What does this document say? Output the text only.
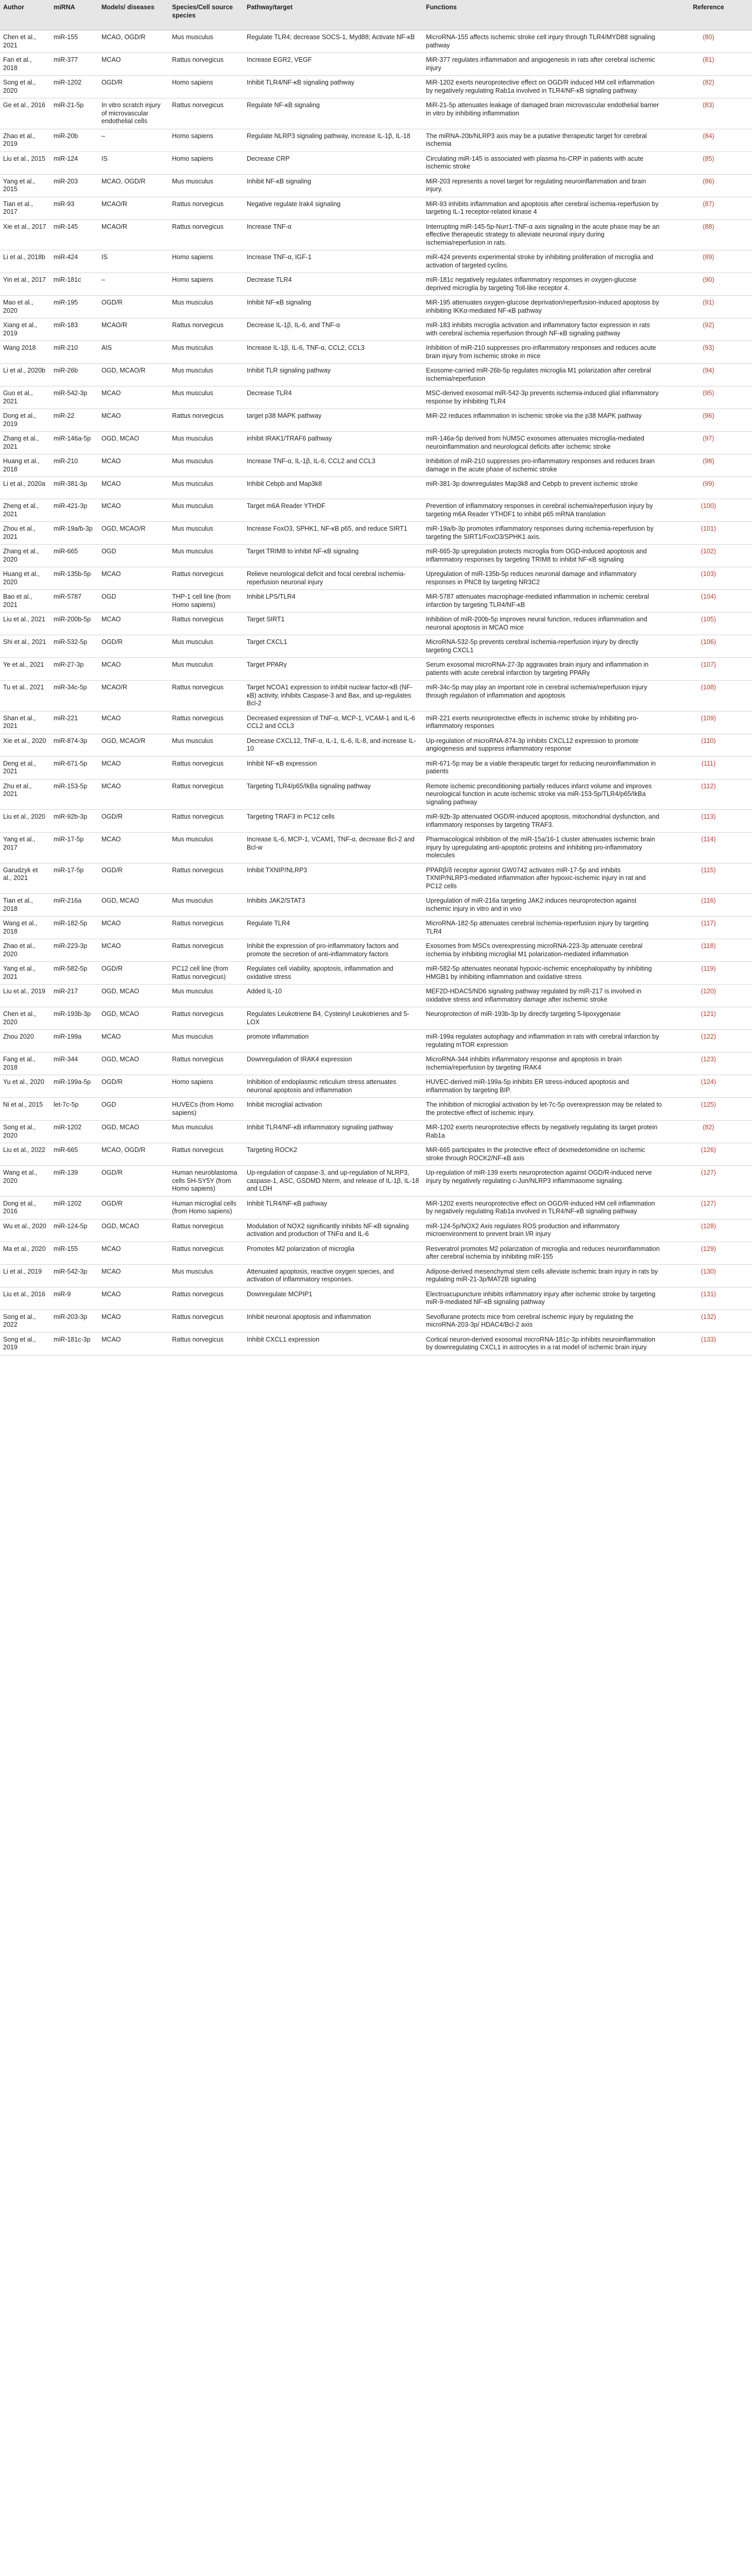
Author	miRNA	Models/ diseases	Species/Cell source species	Pathway/target	Functions	Reference
Chen et al., 2021	miR-155	MCAO, OGD/R	Mus musculus	Regulate TLR4; decrease SOCS-1, Myd88; Activate NF-κB	MicroRNA-155 affects ischemic stroke cell injury through TLR4/MYD88 signaling pathway	(80)
Fan et al., 2018	miR-377	MCAO	Rattus norvegicus	Increase EGR2, VEGF	MiR-377 regulates inflammation and angiogenesis in rats after cerebral ischemic injury	(81)
Song et al., 2020	miR-1202	OGD/R	Homo sapiens	Inhibit TLR4/NF-κB signaling pathway	MiR-1202 exerts neuroprotective effect on OGD/R induced HM cell inflammation by negatively regulating Rab1a involved in TLR4/NF-κB signaling pathway	(82)
Ge et al., 2016	miR-21-5p	In vitro scratch injury of microvascular endothelial cells	Rattus norvegicus	Regulate NF-κB signaling	MiR-21-5p attenuates leakage of damaged brain microvascular endothelial barrier in vitro by inhibiting inflammation	(83)
Zhao et al., 2019	miR-20b	–	Homo sapiens	Regulate NLRP3 signaling pathway, increase IL-1β, IL-18	The miRNA-20b/NLRP3 axis may be a putative therapeutic target for cerebral ischemia	(84)
Liu et al., 2015	miR-124	IS	Homo sapiens	Decrease CRP	Circulating miR-145 is associated with plasma hs-CRP in patients with acute ischemic stroke	(85)
Yang et al., 2015	miR-203	MCAO, OGD/R	Mus musculus	Inhibit NF-κB signaling	MiR-203 represents a novel target for regulating neuroinflammation and brain injury.	(86)
Tian et al., 2017	miR-93	MCAO/R	Rattus norvegicus	Negative regulate Irak4 signaling	MiR-93 inhibits inflammation and apoptosis after cerebral ischemia-reperfusion by targeting IL-1 receptor-related kinase 4	(87)
Xie et al., 2017	miR-145	MCAO/R	Rattus norvegicus	Increase TNF-α	Interrupting miR-145-5p-Nurr1-TNF-α axis signaling in the acute phase may be an effective therapeutic strategy to alleviate neuronal injury during ischemia/reperfusion in rats.	(88)
Li et al., 2018b	miR-424	IS	Homo sapiens	Increase TNF-α, IGF-1	miR-424 prevents experimental stroke by inhibiting proliferation of microglia and activation of targeted cyclins.	(89)
Yin et al., 2017	miR-181c	–	Homo sapiens	Decrease TLR4	miR-181c negatively regulates inflammatory responses in oxygen-glucose deprived microglia by targeting Toll-like receptor 4.	(90)
Mao et al., 2020	miR-195	OGD/R	Mus musculus	Inhibit NF-κB signaling	MiR-195 attenuates oxygen-glucose deprivation/reperfusion-induced apoptosis by inhibiting IKKα-mediated NF-κB pathway	(91)
Xiang et al., 2019	miR-183	MCAO/R	Rattus norvegicus	Decrease IL-1β, IL-6, and TNF-α	miR-183 inhibits microglia activation and inflammatory factor expression in rats with cerebral ischemia reperfusion through NF-κB signaling pathway	(92)
Wang 2018	miR-210	AIS	Mus musculus	Increase IL-1β, IL-6, TNF-α, CCL2, CCL3	Inhibition of miR-210 suppresses pro-inflammatory responses and reduces acute brain injury from ischemic stroke in mice	(93)
Li et al., 2020b	miR-26b	OGD, MCAO/R	Mus musculus	Inhibit TLR signaling pathway	Exosome-carried miR-26b-5p regulates microglia M1 polarization after cerebral ischemia/reperfusion	(94)
Guo et al., 2021	miR-542-3p	MCAO	Mus musculus	Decrease TLR4	MSC-derived exosomal miR-542-3p prevents ischemia-induced glial inflammatory response by inhibiting TLR4	(95)
Dong et al., 2019	miR-22	MCAO	Rattus norvegicus	target p38 MAPK pathway	MiR-22 reduces inflammation in ischemic stroke via the p38 MAPK pathway	(96)
Zhang et al., 2021	miR-146a-5p	OGD, MCAO	Mus musculus	inhibit IRAK1/TRAF6 pathway	miR-146a-5p derived from hUMSC exosomes attenuates microglia-mediated neuroinflammation and neurological deficits after ischemic stroke	(97)
Huang et al., 2018	miR-210	MCAO	Mus musculus	Increase TNF-α, IL-1β, IL-6, CCL2 and CCL3	Inhibition of miR-210 suppresses pro-inflammatory responses and reduces brain damage in the acute phase of ischemic stroke	(98)
Li et al., 2020a	miR-381-3p	MCAO	Mus musculus	Inhibit Cebpb and Map3k8	miR-381-3p downregulates Map3k8 and Cebpb to prevent ischemic stroke	(99)
Zheng et al., 2021	miR-421-3p	MCAO	Mus musculus	Target m6A Reader YTHDF	Prevention of inflammatory responses in cerebral ischemia/reperfusion injury by targeting m6A Reader YTHDF1 to inhibit p65 mRNA translation	(100)
Zhou et al., 2021	miR-19a/b-3p	OGD, MCAO/R	Mus musculus	Increase FoxO3, SPHK1, NF-κB p65, and reduce SIRT1	miR-19a/b-3p promotes inflammatory responses during ischemia-reperfusion by targeting the SIRT1/FoxO3/SPHK1 axis.	(101)
Zhang et al., 2020	miR-665	OGD	Mus musculus	Target TRIM8 to inhibit NF-κB signaling	miR-665-3p upregulation protects microglia from OGD-induced apoptosis and inflammatory responses by targeting TRIM8 to inhibit NF-κB signaling	(102)
Huang et al., 2020	miR-135b-5p	MCAO	Rattus norvegicus	Relieve neurological deficit and focal cerebral ischemia-reperfusion neuronal injury	Upregulation of miR-135b-5p reduces neuronal damage and inflammatory responses in PNC8 by targeting NR3C2	(103)
Bao et al., 2021	miR-5787	OGD	THP-1 cell line (from Homo sapiens)	Inhibit LPS/TLR4	MiR-5787 attenuates macrophage-mediated inflammation in ischemic cerebral infarction by targeting TLR4/NF-κB	(104)
Liu et al., 2021	miR-200b-5p	MCAO	Rattus norvegicus	Target SIRT1	Inhibition of miR-200b-5p improves neural function, reduces inflammation and neuronal apoptosis in MCAO mice	(105)
Shi et al., 2021	miR-532-5p	OGD/R	Mus musculus	Target CXCL1	MicroRNA-532-5p prevents cerebral ischemia-reperfusion injury by directly targeting CXCL1	(106)
Ye et al., 2021	miR-27-3p	MCAO	Mus musculus	Target PPARγ	Serum exosomal microRNA-27-3p aggravates brain injury and inflammation in patients with acute cerebral infarction by targeting PPARγ	(107)
Tu et al., 2021	miR-34c-5p	MCAO/R	Rattus norvegicus	Target NCOA1 expression to inhibit nuclear factor-κB (NF-κB) activity, inhibits Caspase-3 and Bax, and up-regulates Bcl-2	miR-34c-5p may play an important role in cerebral ischemia/reperfusion injury through regulation of inflammation and apoptosis	(108)
Shan et al., 2021	miR-221	MCAO	Rattus norvegicus	Decreased expression of TNF-α, MCP-1, VCAM-1 and IL-6 CCL2 and CCL3	miR-221 exerts neuroprotective effects in ischemic stroke by inhibiting pro-inflammatory responses	(109)
Xie et al., 2020	miR-874-3p	OGD, MCAO/R	Mus musculus	Decrease CXCL12, TNF-α, IL-1, IL-6, IL-8, and increase IL-10	Up-regulation of microRNA-874-3p inhibits CXCL12 expression to promote angiogenesis and suppress inflammatory response	(110)
Deng et al., 2021	miR-671-5p	MCAO	Rattus norvegicus	Inhibit NF-κB expression	miR-671-5p may be a viable therapeutic target for reducing neuroinflammation in patients	(111)
Zhu et al., 2021	miR-153-5p	MCAO	Rattus norvegicus	Targeting TLR4/p65/IkBa signaling pathway	Remote ischemic preconditioning partially reduces infarct volume and improves neurological function in acute ischemic stroke via miR-153-5p/TLR4/p65/IkBa signaling pathway	(112)
Liu et al., 2020	miR-92b-3p	OGD/R	Rattus norvegicus	Targeting TRAF3 in PC12 cells	miR-92b-3p attenuated OGD/R-induced apoptosis, mitochondrial dysfunction, and inflammatory responses by targeting TRAF3.	(113)
Yang et al., 2017	miR-17-5p	MCAO	Mus musculus	Increase IL-6, MCP-1, VCAM1, TNF-α, decrease Bcl-2 and Bcl-w	Pharmacological inhibition of the miR-15a/16-1 cluster attenuates ischemic brain injury by upregulating anti-apoptotic proteins and inhibiting pro-inflammatory molecules	(114)
Garudzyk et al., 2021	miR-17-5p	OGD/R	Rattus norvegicus	Inhibit TXNIP/NLRP3	PPARβ/δ receptor agonist GW0742 activates miR-17-5p and inhibits TXNIP/NLRP3-mediated inflammation after hypoxic-ischemic injury in rat and PC12 cells	(115)
Tian et al., 2018	miR-216a	OGD, MCAO	Mus musculus	Inhibits JAK2/STAT3	Upregulation of miR-216a targeting JAK2 induces neuroprotection against ischemic injury in vitro and in vivo	(116)
Wang et al., 2018	miR-182-5p	MCAO	Rattus norvegicus	Regulate TLR4	MicroRNA-182-5p attenuates cerebral ischemia-reperfusion injury by targeting TLR4	(117)
Zhao et al., 2020	miR-223-3p	MCAO	Rattus norvegicus	Inhibit the expression of pro-inflammatory factors and promote the secretion of anti-inflammatory factors	Exosomes from MSCs overexpressing microRNA-223-3p attenuate cerebral ischemia by inhibiting microglial M1 polarization-mediated inflammation	(118)
Yang et al., 2021	miR-582-5p	OGD/R	PC12 cell line (from Rattus norvegicus)	Regulates cell viability, apoptosis, inflammation and oxidative stress	miR-582-5p attenuates neonatal hypoxic-ischemic encephalopathy by inhibiting HMGB1 by inhibiting inflammation and oxidative stress	(119)
Liu et al., 2019	miR-217	OGD, MCAO	Mus musculus	Added IL-10	MEF2D-HDAC5/ND6 signaling pathway regulated by miR-217 is involved in oxidative stress and inflammatory damage after ischemic stroke	(120)
Chen et al., 2020	miR-193b-3p	OGD, MCAO	Rattus norvegicus	Regulates Leukotriene B4, Cysteinyl Leukotrienes and 5-LOX	Neuroprotection of miR-193b-3p by directly targeting 5-lipoxygenase	(121)
Zhou 2020	miR-199a	MCAO	Mus musculus	promote inflammation	miR-199a regulates autophagy and inflammation in rats with cerebral infarction by regulating mTOR expression	(122)
Fang et al., 2018	miR-344	OGD, MCAO	Rattus norvegicus	Downregulation of IRAK4 expression	MicroRNA-344 inhibits inflammatory response and apoptosis in brain ischemia/reperfusion by targeting IRAK4	(123)
Yu et al., 2020	miR-199a-5p	OGD/R	Homo sapiens	Inhibition of endoplasmic reticulum stress attenuates neuronal apoptosis and inflammation	HUVEC-derived miR-199a-5p inhibits ER stress-induced apoptosis and inflammation by targeting BIP.	(124)
Ni et al., 2015	let-7c-5p	OGD	HUVECs (from Homo sapiens)	Inhibit microglial activation	The inhibition of microglial activation by let-7c-5p overexpression may be related to the protective effect of ischemic injury.	(125)
Song et al., 2020	miR-1202	OGD, MCAO	Mus musculus	Inhibit TLR4/NF-κB inflammatory signaling pathway	MiR-1202 exerts neuroprotective effects by negatively regulating its target protein Rab1a	(82)
Liu et al., 2022	miR-665	MCAO, OGD/R	Rattus norvegicus	Targeting ROCK2	MiR-665 participates in the protective effect of dexmedetomidine on ischemic stroke through ROCK2/NF-κB axis	(126)
Wang et al., 2020	miR-139	OGD/R	Human neuroblastoma cells SH-SY5Y (from Homo sapiens)	Up-regulation of caspase-3, and up-regulation of NLRP3, caspase-1, ASC, GSDMD Nterm, and release of IL-1β, IL-18 and LDH	Up-regulation of miR-139 exerts neuroprotection against OGD/R-induced nerve injury by negatively regulating c-Jun/NLRP3 inflammasome signaling.	(127)
Dong et al., 2016	miR-1202	OGD/R	Human microglial cells (from Homo sapiens)	Inhibit TLR4/NF-κB pathway	MiR-1202 exerts neuroprotective effect on OGD/R-induced HM cell inflammation by negatively regulating Rab1a involved in TLR4/NF-κB signaling pathway	(127)
Wu et al., 2020	miR-124-5p	OGD, MCAO	Rattus norvegicus	Modulation of NOX2 significantly inhibits NF-κB signaling activation and production of TNFα and IL-6	miR-124-5p/NOX2 Axis regulates ROS production and inflammatory microenvironment to prevent brain I/R injury	(128)
Ma et al., 2020	miR-155	MCAO	Rattus norvegicus	Promotes M2 polarization of microglia	Resveratrol promotes M2 polarization of microglia and reduces neuroinflammation after cerebral ischemia by inhibiting miR-155	(129)
Li et al., 2019	miR-542-3p	MCAO	Mus musculus	Attenuated apoptosis, reactive oxygen species, and activation of inflammatory responses.	Adipose-derived mesenchymal stem cells alleviate ischemic brain injury in rats by regulating miR-21-3p/MAT2B signaling	(130)
Liu et al., 2016	miR-9	MCAO	Rattus norvegicus	Downregulate MCPIP1	Electroacupuncture inhibits inflammatory injury after ischemic stroke by targeting miR-9-mediated NF-κB signaling pathway	(131)
Song et al., 2022	miR-203-3p	MCAO	Rattus norvegicus	Inhibit neuronal apoptosis and inflammation	Sevoflurane protects mice from cerebral ischemic injury by regulating the microRNA-203-3p/ HDAC4/Bcl-2 axis	(132)
Song et al., 2019	miR-181c-3p	MCAO	Rattus norvegicus	Inhibit CXCL1 expression	Cortical neuron-derived exosomal microRNA-181c-3p inhibits neuroinflammation by downregulating CXCL1 in astrocytes in a rat model of ischemic brain injury	(133)
